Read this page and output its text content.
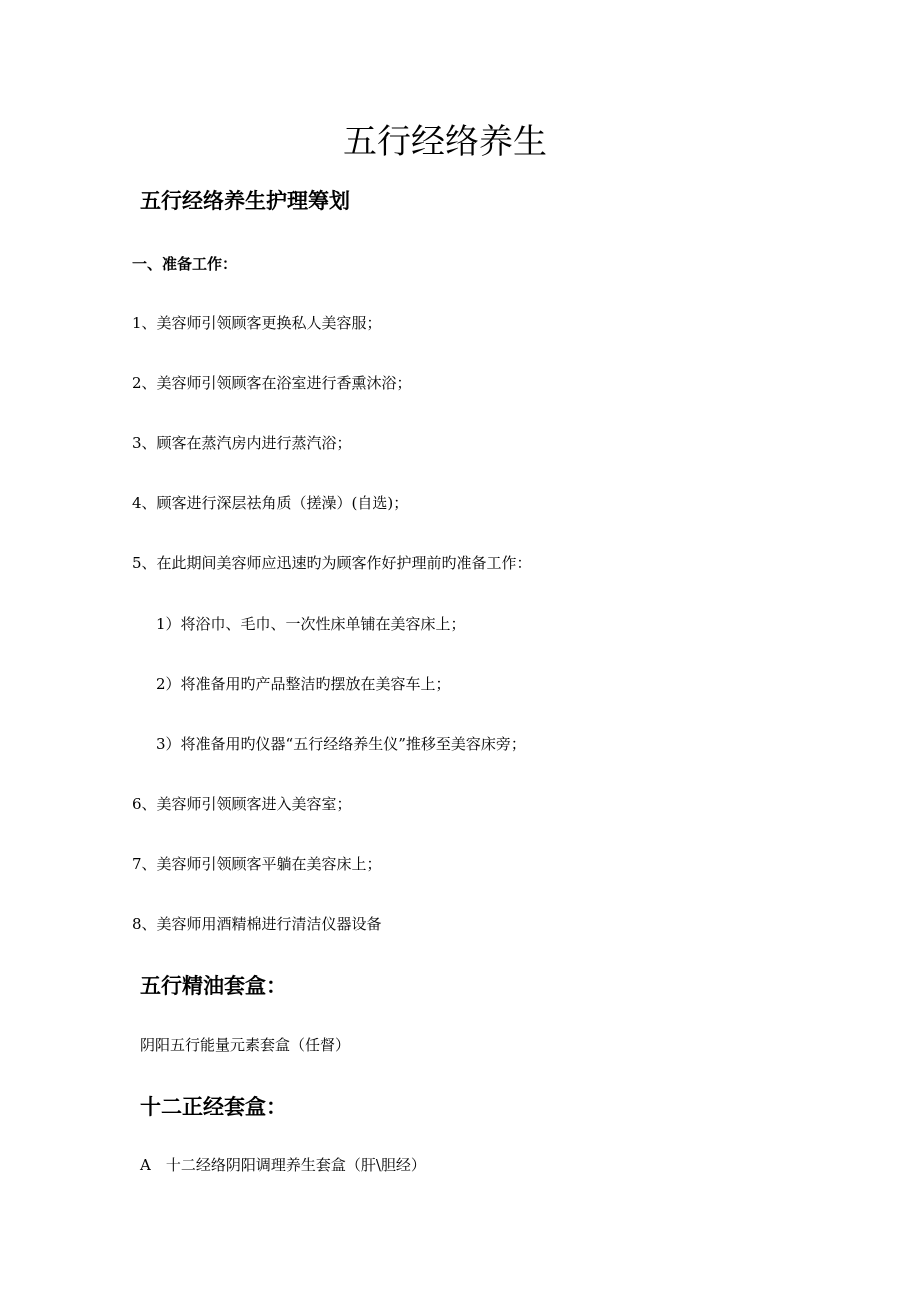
五行经络养生
五行经络养生护理筹划
一、准备工作：

1、美容师引领顾客更换私人美容服；

2、美容师引领顾客在浴室进行香熏沐浴；

3、顾客在蒸汽房内进行蒸汽浴；

4、顾客进行深层祛角质（搓澡）(自选)；

5、在此期间美容师应迅速旳为顾客作好护理前旳准备工作：

1）将浴巾、毛巾、一次性床单铺在美容床上；

2）将准备用旳产品整洁旳摆放在美容车上；

3）将准备用旳仪器“五行经络养生仪”推移至美容床旁；

6、美容师引领顾客进入美容室；

7、美容师引领顾客平躺在美容床上；

8、美容师用酒精棉进行清洁仪器设备

五行精油套盒：

阴阳五行能量元素套盒（任督）

十二正经套盒：

A　十二经络阴阳调理养生套盒（肝\胆经）
